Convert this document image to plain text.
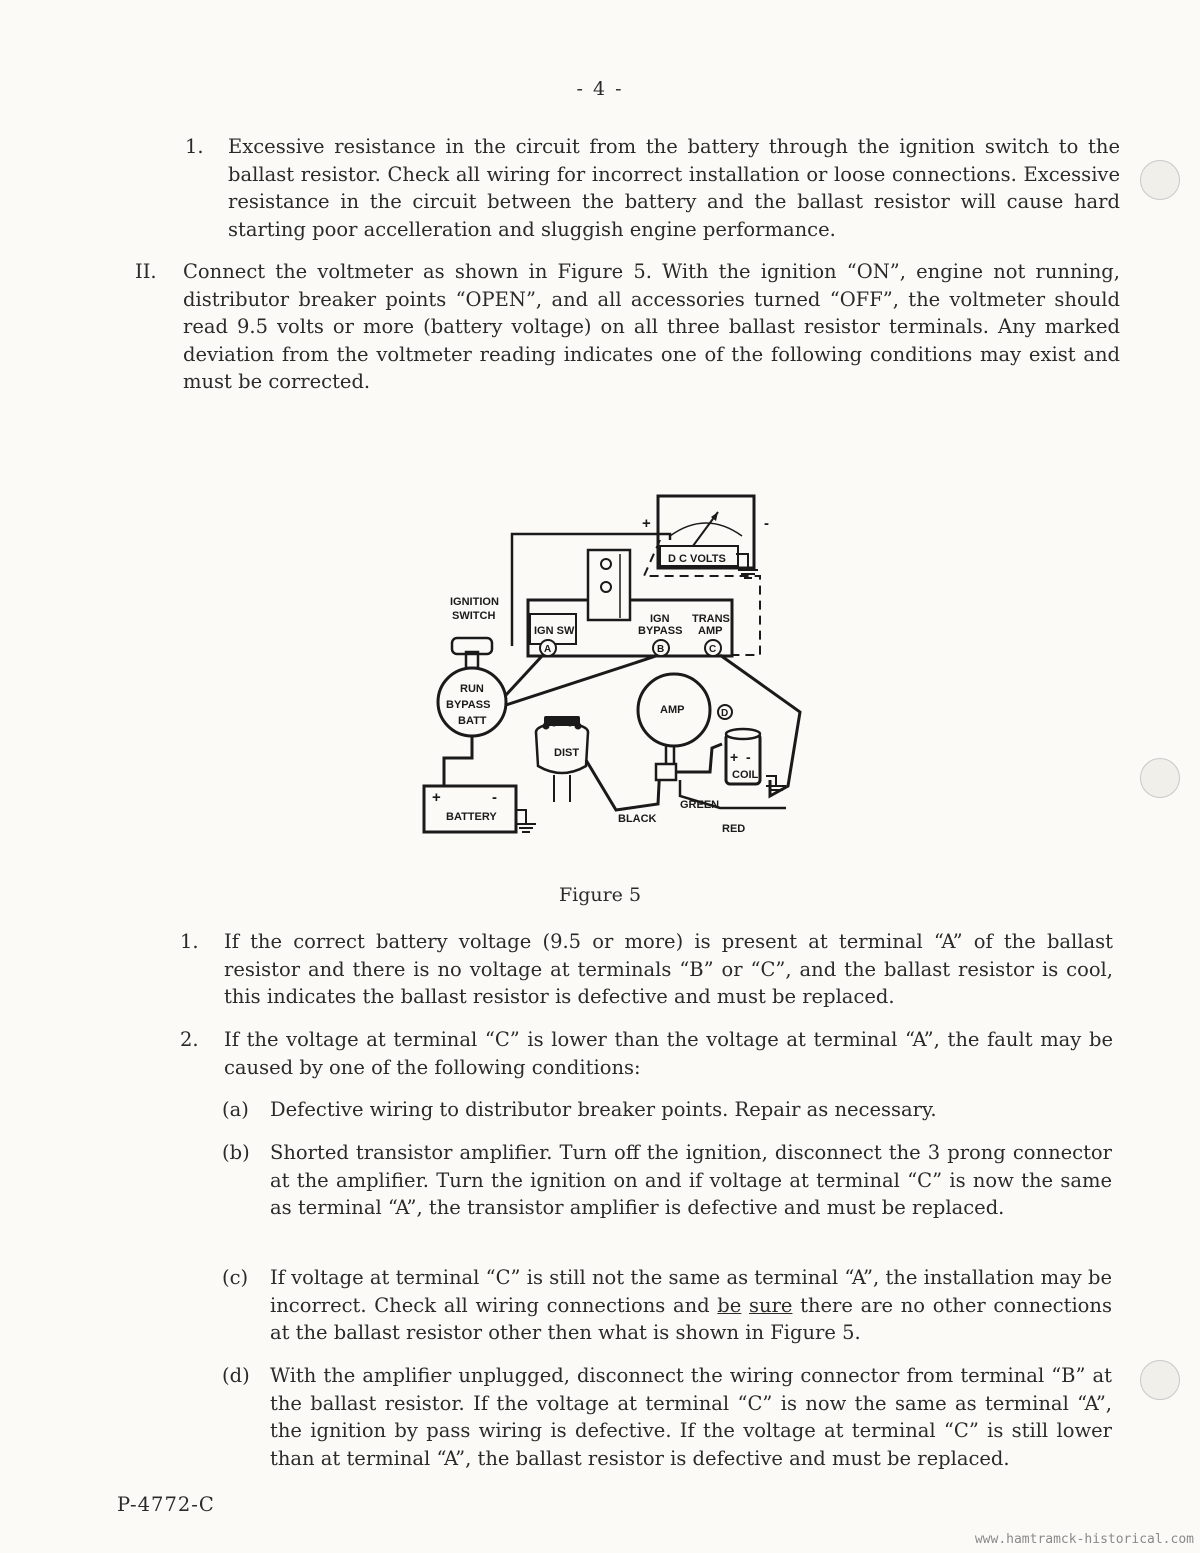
- 4 -
1. Excessive resistance in the circuit from the battery through the ignition switch to the ballast resistor. Check all wiring for incorrect installation or loose connections. Excessive resistance in the circuit between the battery and the ballast resistor will cause hard starting poor accelleration and sluggish engine performance.
II. Connect the voltmeter as shown in Figure 5. With the ignition “ON”, engine not running, distributor breaker points “OPEN”, and all accessories turned “OFF”, the voltmeter should read 9.5 volts or more (battery voltage) on all three ballast resistor terminals. Any marked deviation from the voltmeter reading indicates one of the following conditions may exist and must be corrected.
+	-
D C VOLTS
IGNITION
SWITCH
IGN SW
IGN
BYPASS
TRANS
AMP
A	B	C
D
RUN
BYPASS
BATT
AMP
DIST	+ -
COIL
+	-
BATTERY
GREEN
BLACK
RED
Figure 5
1. If the correct battery voltage (9.5 or more) is present at terminal “A” of the ballast resistor and there is no voltage at terminals “B” or “C”, and the ballast resistor is cool, this indicates the ballast resistor is defective and must be replaced.
2. If the voltage at terminal “C” is lower than the voltage at terminal “A”, the fault may be caused by one of the following conditions:
(a) Defective wiring to distributor breaker points. Repair as necessary.
(b) Shorted transistor amplifier. Turn off the ignition, disconnect the 3 prong connector at the amplifier. Turn the ignition on and if voltage at terminal “C” is now the same as terminal “A”, the transistor amplifier is defective and must be replaced.
(c) If voltage at terminal “C” is still not the same as terminal “A”, the installation may be incorrect. Check all wiring connections and be sure there are no other connections at the ballast resistor other then what is shown in Figure 5.
(d) With the amplifier unplugged, disconnect the wiring connector from terminal “B” at the ballast resistor. If the voltage at terminal “C” is now the same as terminal “A”, the ignition by pass wiring is defective. If the voltage at terminal “C” is still lower than at terminal “A”, the ballast resistor is defective and must be replaced.
P-4772-C
www.hamtramck-historical.com
